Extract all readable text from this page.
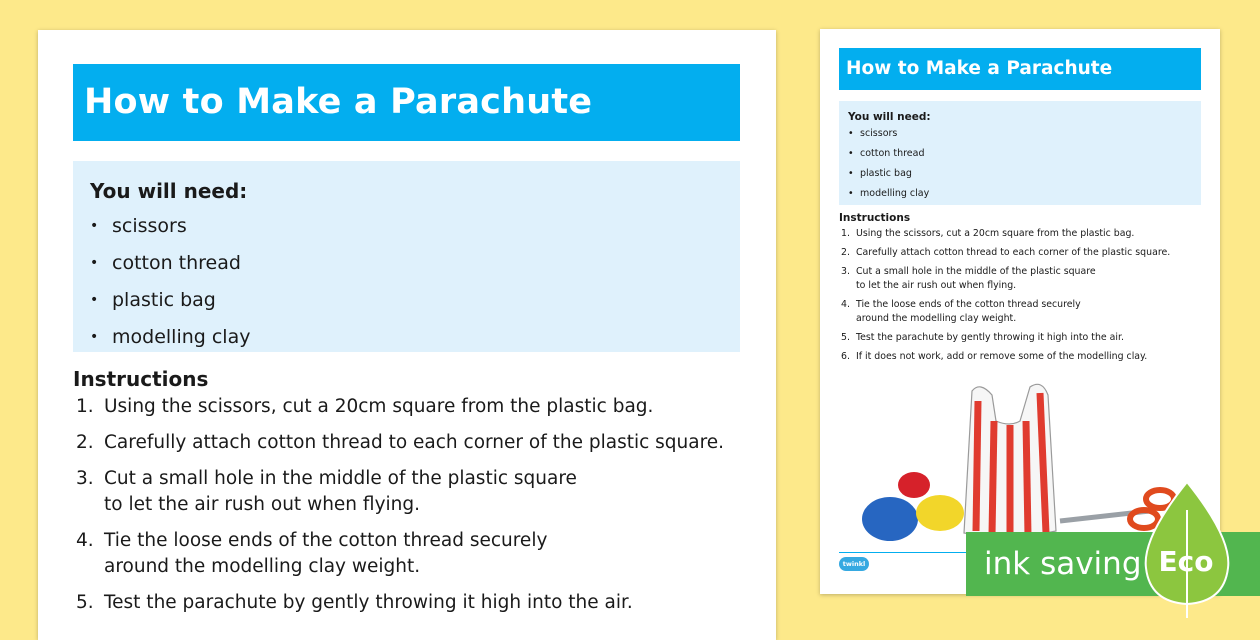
How to Make a Parachute
You will need:
• scissors
• cotton thread
• plastic bag
• modelling clay
Instructions
1. Using the scissors, cut a 20cm square from the plastic bag.
2. Carefully attach cotton thread to each corner of the plastic square.
3. Cut a small hole in the middle of the plastic square
to let the air rush out when flying.
4. Tie the loose ends of the cotton thread securely
around the modelling clay weight.
5. Test the parachute by gently throwing it high into the air.
How to Make a Parachute
You will need:
• scissors
• cotton thread
• plastic bag
• modelling clay
Instructions
1. Using the scissors, cut a 20cm square from the plastic bag.
2. Carefully attach cotton thread to each corner of the plastic square.
3. Cut a small hole in the middle of the plastic square
to let the air rush out when flying.
4. Tie the loose ends of the cotton thread securely
around the modelling clay weight.
5. Test the parachute by gently throwing it high into the air.
6. If it does not work, add or remove some of the modelling clay.
twinkl	ink saving Eco
